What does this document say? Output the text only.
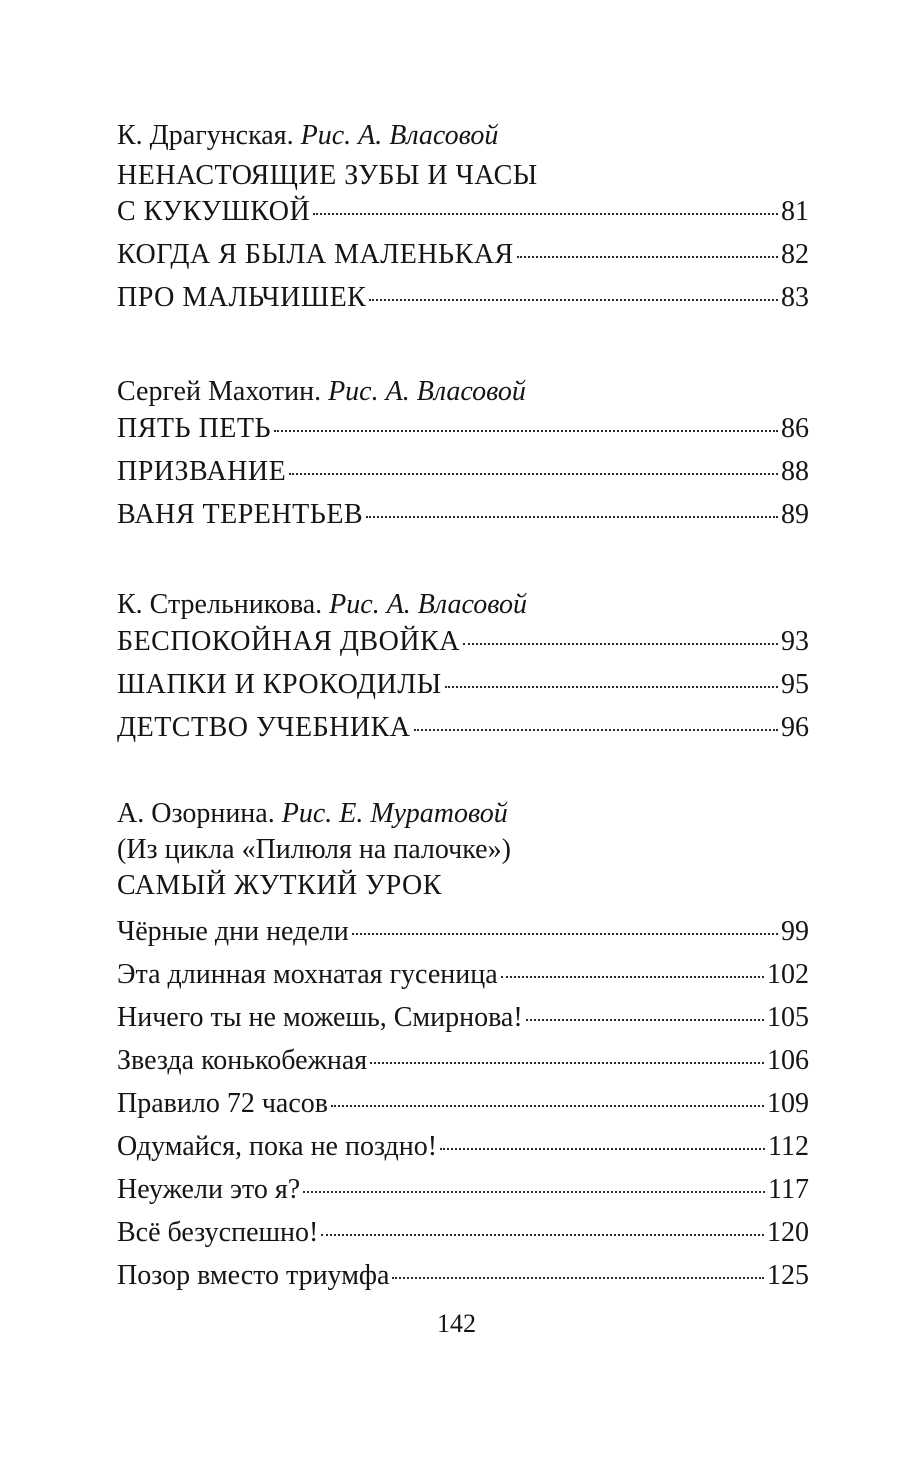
К. Драгунская. Рис. А. Власовой
НЕНАСТОЯЩИЕ ЗУБЫ И ЧАСЫ
С КУКУШКОЙ	81
КОГДА Я БЫЛА МАЛЕНЬКАЯ	82
ПРО МАЛЬЧИШЕК	83
Сергей Махотин. Рис. А. Власовой
ПЯТЬ ПЕТЬ	86
ПРИЗВАНИЕ	88
ВАНЯ ТЕРЕНТЬЕВ	89
К. Стрельникова. Рис. А. Власовой
БЕСПОКОЙНАЯ ДВОЙКА	93
ШАПКИ И КРОКОДИЛЫ	95
ДЕТСТВО УЧЕБНИКА	96
А. Озорнина. Рис. Е. Муратовой
(Из цикла «Пилюля на палочке»)
САМЫЙ ЖУТКИЙ УРОК
Чёрные дни недели	99
Эта длинная мохнатая гусеница	102
Ничего ты не можешь, Смирнова!	105
Звезда конькобежная	106
Правило 72 часов	109
Одумайся, пока не поздно!	112
Неужели это я?	117
Всё безуспешно!	120
Позор вместо триумфа	125
142
